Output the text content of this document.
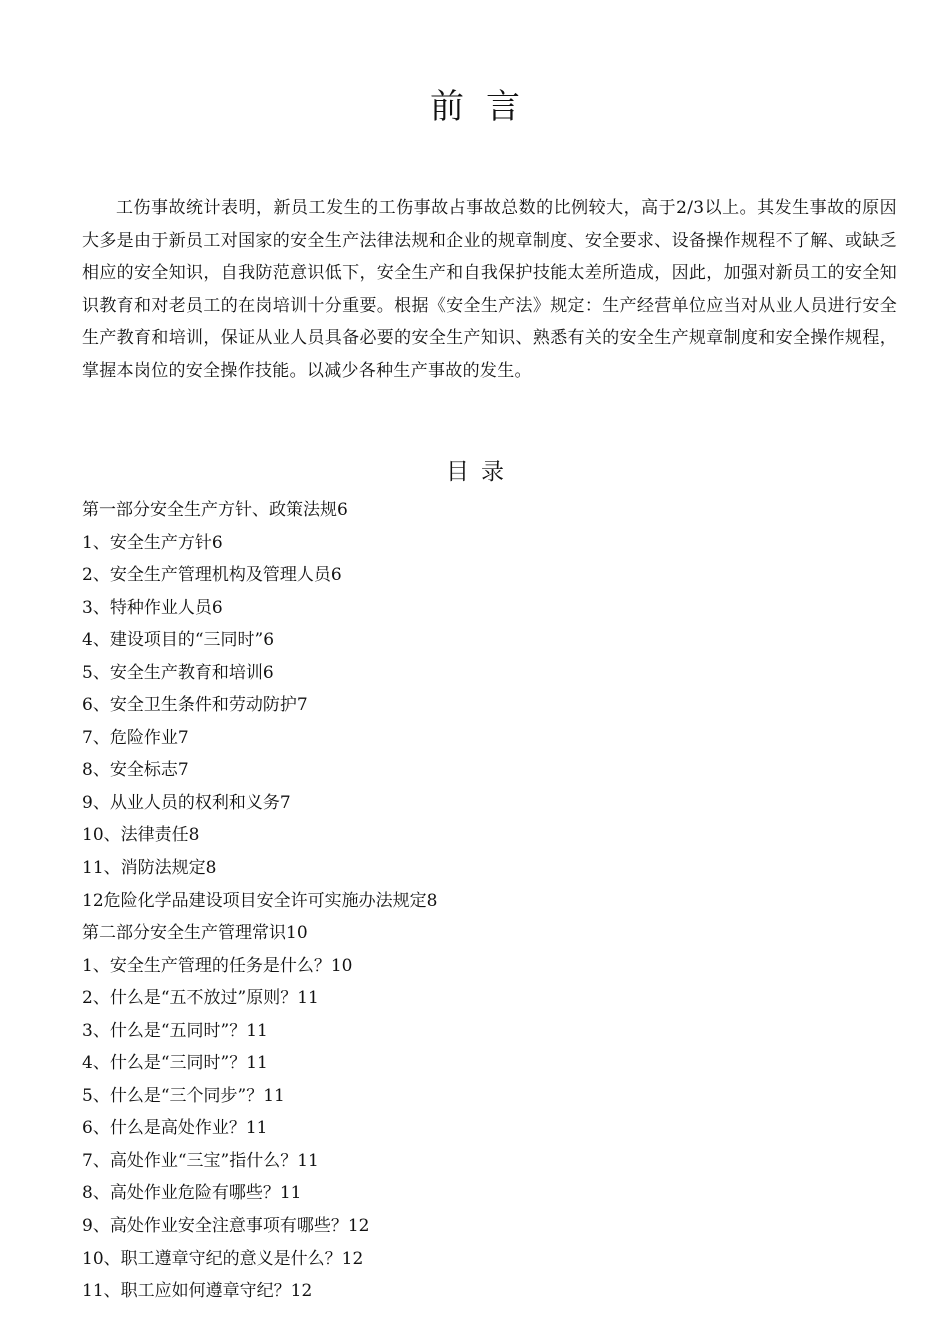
前言

工伤事故统计表明，新员工发生的工伤事故占事故总数的比例较大，高于2/3以上。其发生事故的原因大多是由于新员工对国家的安全生产法律法规和企业的规章制度、安全要求、设备操作规程不了解、或缺乏相应的安全知识，自我防范意识低下，安全生产和自我保护技能太差所造成，因此，加强对新员工的安全知识教育和对老员工的在岗培训十分重要。根据《安全生产法》规定：生产经营单位应当对从业人员进行安全生产教育和培训，保证从业人员具备必要的安全生产知识、熟悉有关的安全生产规章制度和安全操作规程，掌握本岗位的安全操作技能。以减少各种生产事故的发生。

目录
第一部分安全生产方针、政策法规6
1、安全生产方针6
2、安全生产管理机构及管理人员6
3、特种作业人员6
4、建设项目的“三同时”6
5、安全生产教育和培训6
6、安全卫生条件和劳动防护7
7、危险作业7
8、安全标志7
9、从业人员的权利和义务7
10、法律责任8
11、消防法规定8
12危险化学品建设项目安全许可实施办法规定8
第二部分安全生产管理常识10
1、安全生产管理的任务是什么？10
2、什么是“五不放过”原则？11
3、什么是“五同时”？11
4、什么是“三同时”？11
5、什么是“三个同步”？11
6、什么是高处作业？11
7、高处作业“三宝”指什么？11
8、高处作业危险有哪些？11
9、高处作业安全注意事项有哪些？12
10、职工遵章守纪的意义是什么？12
11、职工应如何遵章守纪？12
